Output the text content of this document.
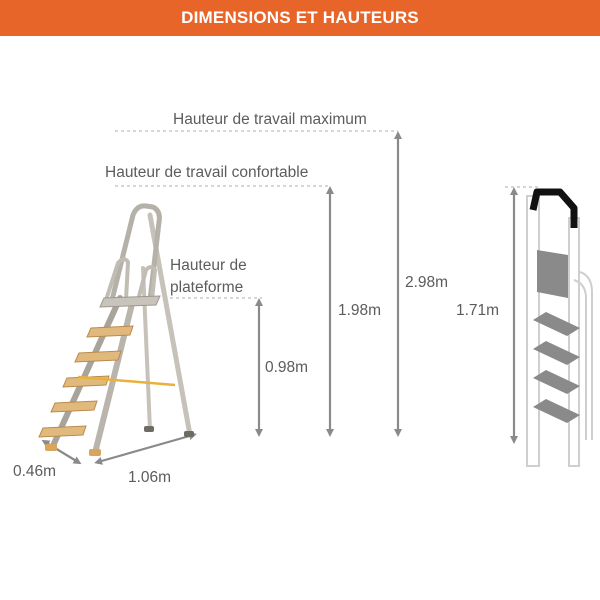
DIMENSIONS ET HAUTEURS
Hauteur de travail maximum
Hauteur de travail confortable
Hauteur de
plateforme
0.98m
1.98m
2.98m
1.71m
0.46m	1.06m
